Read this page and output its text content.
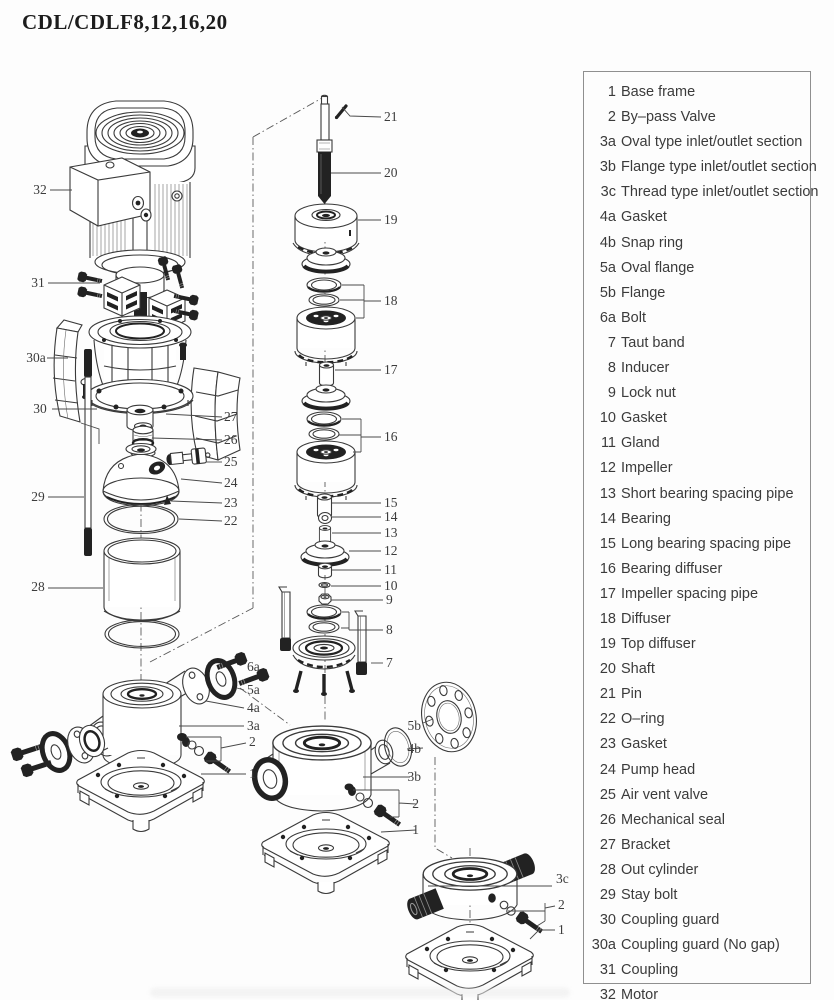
CDL/CDLF8,12,16,20
32
31
30a
30
29
28
21
20
19
18
17
16
15
14
13
12
11
10
9
8
7
27
26
25
24
23
22
6a
5a
4a
3a
2
1
5b
4b
3b
2
1
3c
2
1
1 Base frame
2 By–pass Valve
3a Oval type inlet/outlet section
3b Flange type inlet/outlet section
3c Thread type inlet/outlet section
4a Gasket
4b Snap ring
5a Oval flange
5b Flange
6a Bolt
7 Taut band
8 Inducer
9 Lock nut
10 Gasket
11 Gland
12 Impeller
13 Short bearing spacing pipe
14 Bearing
15 Long bearing spacing pipe
16 Bearing diffuser
17 Impeller spacing pipe
18 Diffuser
19 Top diffuser
20 Shaft
21 Pin
22 O–ring
23 Gasket
24 Pump head
25 Air vent valve
26 Mechanical seal
27 Bracket
28 Out cylinder
29 Stay bolt
30 Coupling guard
30a Coupling guard (No gap)
31 Coupling
32 Motor
